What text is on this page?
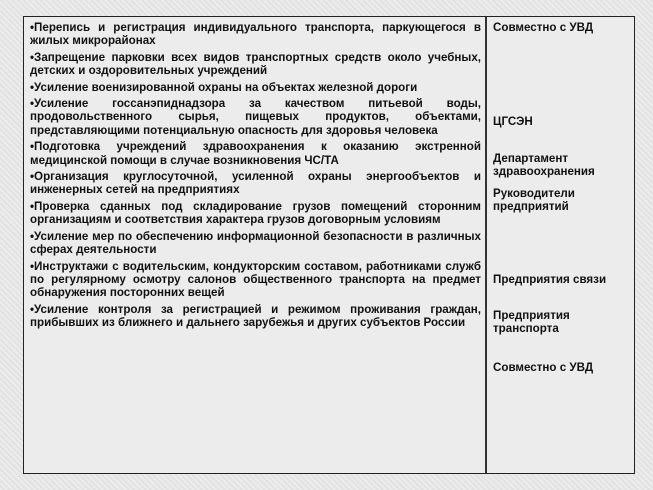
•Перепись и регистрация индивидуального транспорта, паркующегося в жилых микрорайонах
•Запрещение парковки всех видов транспортных средств около учебных, детских и оздоровительных учреждений
•Усиление военизированной охраны на объектах железной дороги
•Усиление госсанэпиднадзора за качеством питьевой воды, продовольственного сырья, пищевых продуктов, объектами, представляющими потенциальную опасность для здоровья человека
•Подготовка учреждений здравоохранения к оказанию экстренной медицинской помощи в случае возникновения ЧС/ТА
•Организация круглосуточной, усиленной охраны энергообъектов и инженерных сетей на предприятиях
•Проверка сданных под складирование грузов помещений сторонним организациям и соответствия характера грузов договорным условиям
•Усиление мер по обеспечению информационной безопасности в различных сферах деятельности
•Инструктажи с водительским, кондукторским составом, работниками служб по регулярному осмотру салонов общественного транспорта на предмет обнаружения посторонних вещей
•Усиление контроля за регистрацией и режимом проживания граждан, прибывших из ближнего и дальнего зарубежья и других субъектов России
Совместно с УВД
ЦГСЭН
Департамент здравоохранения
Руководители предприятий
Предприятия связи
Предприятия транспорта
Совместно с УВД
